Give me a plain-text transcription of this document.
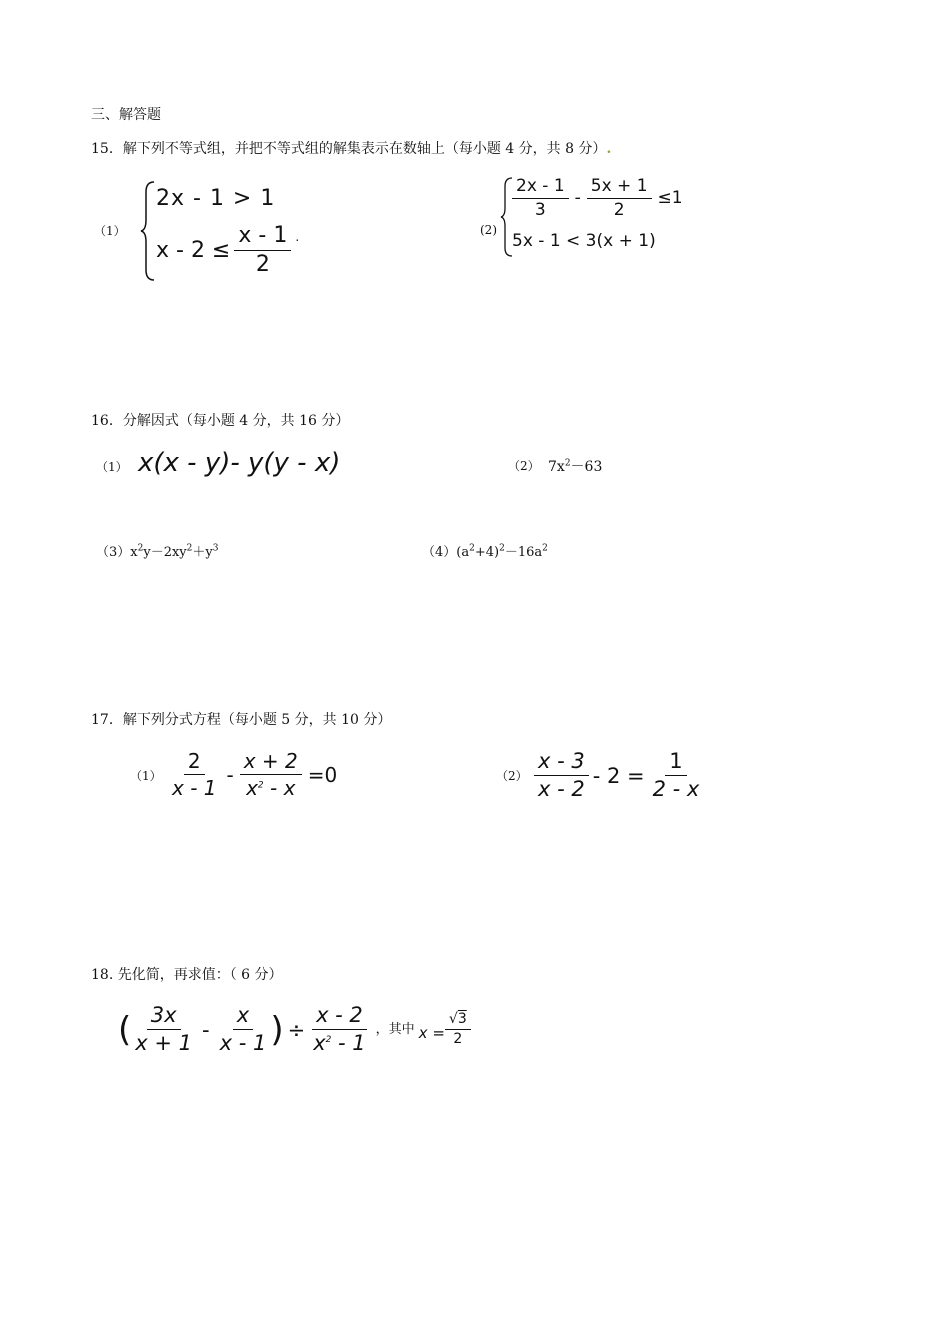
三、解答题
15．解下列不等式组，并把不等式组的解集表示在数轴上（每小题 4 分，共 8 分）.
（1）
2x - 1 > 1
$x - 2 \le \frac{x - 1}{2}$ .	(2)
$\frac{2x - 1}{3} - \frac{5x + 1}{2} \le 1$
5x - 1 < 3(x + 1)
16．分解因式（每小题 4 分，共 16 分）
（1） x(x - y)- y(y - x)	（2） $7x^2-63$
$(3)x^2y-2xy^2+y^3$	$(4)(a^2+4)^2-16a^2$
17．解下列分式方程（每小题 5 分，共 10 分）
$(1) \frac{2}{x - 1} - \frac{x + 2}{x^2 - x} =0$	$(2) \frac{x - 3}{x - 2} - 2 = \frac{1}{2 - x}$
18. 先化简，再求值：（ 6 分）
( $\frac{3x}{x + 1} - \frac{x}{x - 1}$ ) ÷ $\frac{x - 2}{x^2 - 1}$ ，其中 $x = \frac{√3}{2}$
